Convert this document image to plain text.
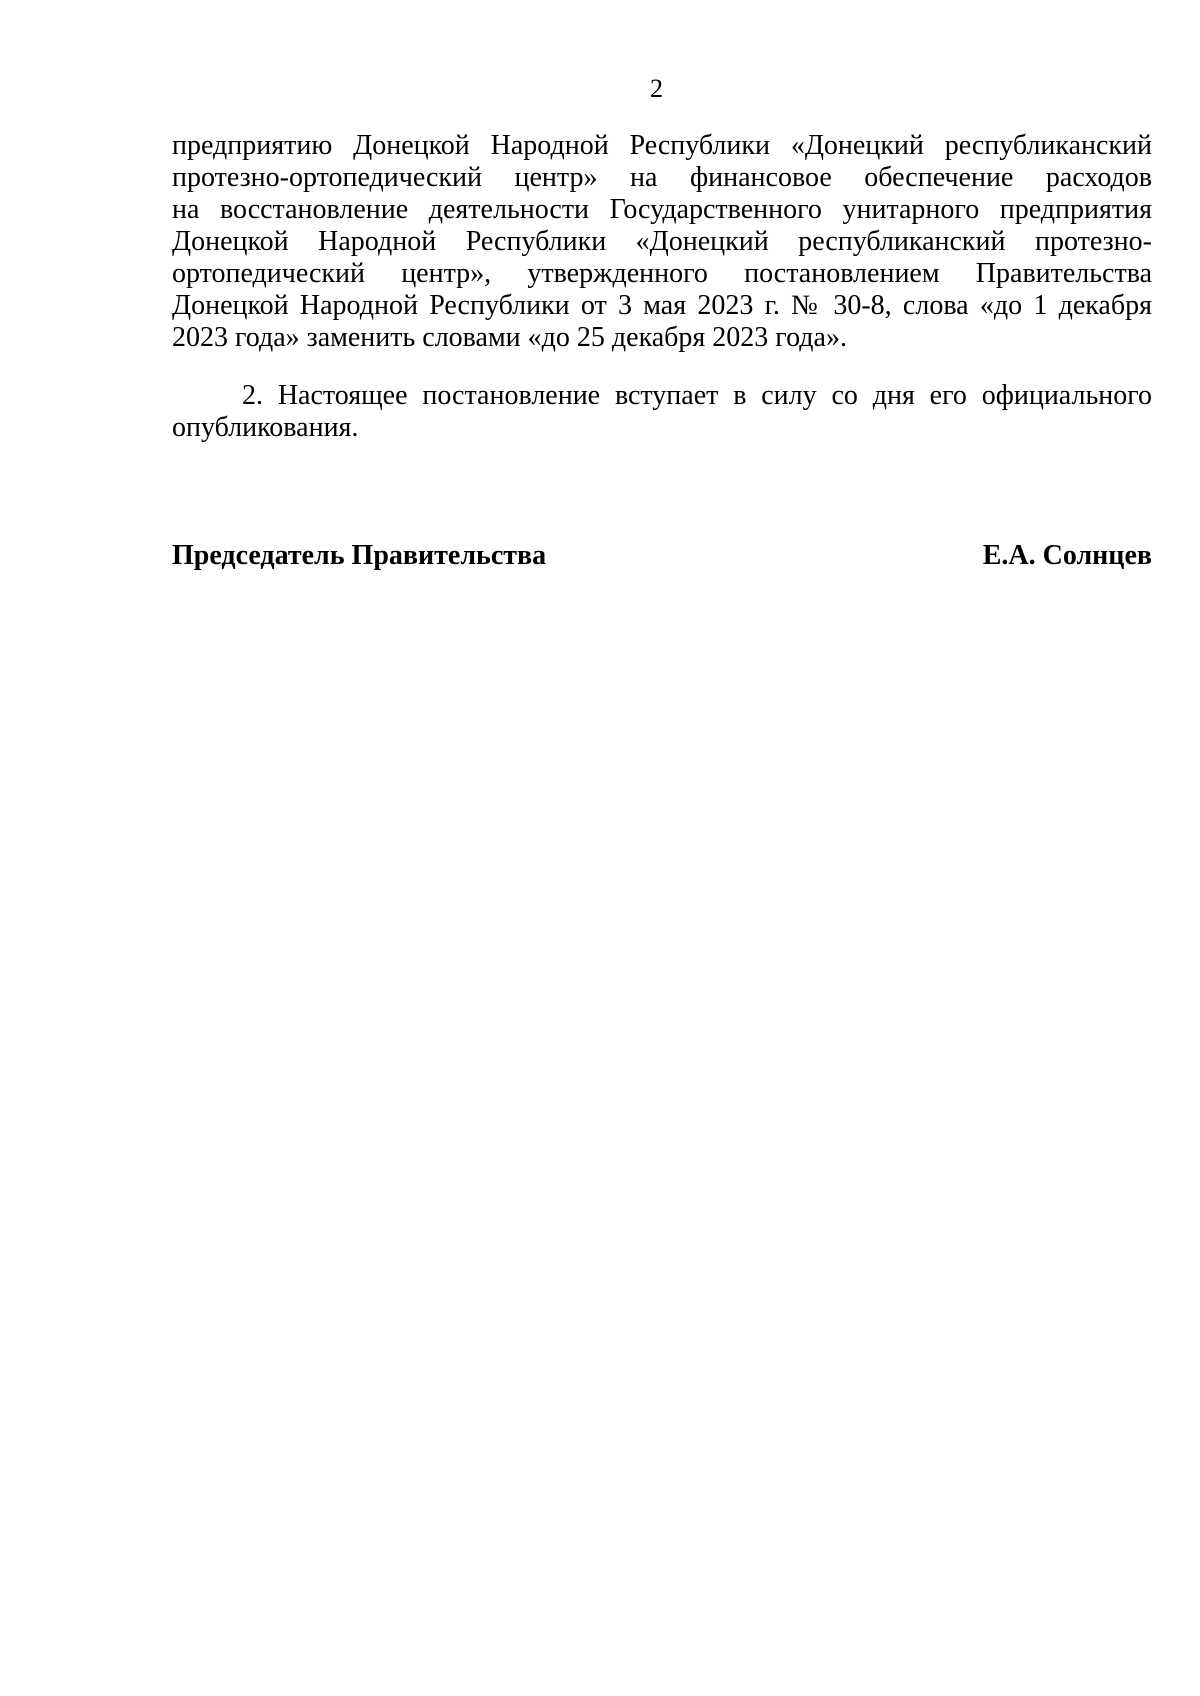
2
предприятию Донецкой Народной Республики «Донецкий республиканский
протезно-ортопедический центр» на финансовое обеспечение расходов
на восстановление деятельности Государственного унитарного предприятия
Донецкой Народной Республики «Донецкий республиканский протезно-
ортопедический центр», утвержденного постановлением Правительства
Донецкой Народной Республики от 3 мая 2023 г. № 30-8, слова «до 1 декабря
2023 года» заменить словами «до 25 декабря 2023 года».
2. Настоящее постановление вступает в силу со дня его официального
опубликования.
Председатель Правительства	Е.А. Солнцев
